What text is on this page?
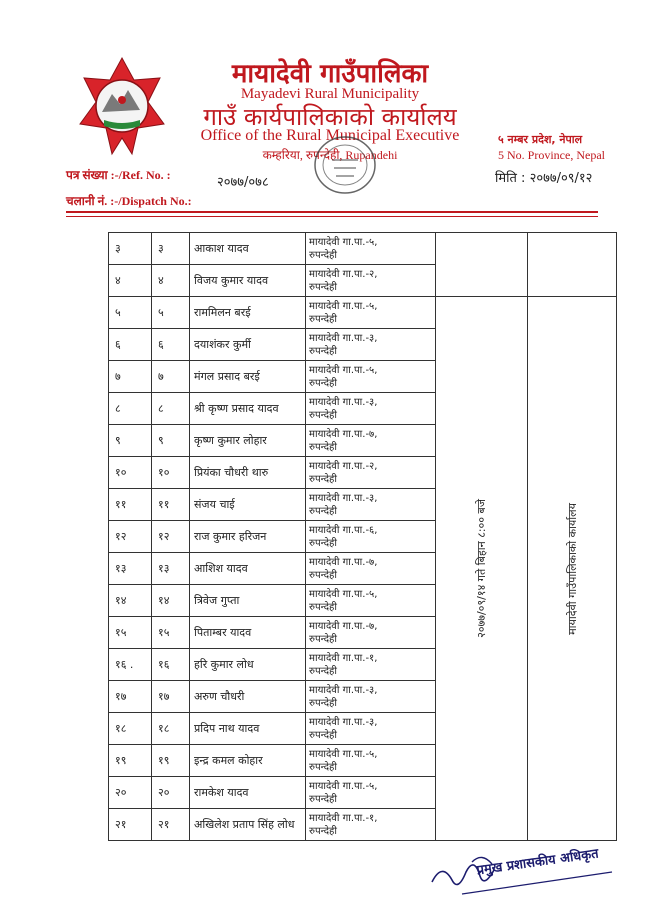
मायादेवी गाउँपालिका
Mayadevi Rural Municipality
गाउँ कार्यपालिकाको कार्यालय
Office of the Rural Municipal Executive
कम्हरिया, रुपन्देही, Rupandehi
५ नम्बर प्रदेश, नेपाल
5 No. Province, Nepal
पत्र संख्या :-/Ref. No. :	२०७७/०७८	मिति : २०७७/०९/१२
चलानी नं. :-/Dispatch No.:
३	३	आकाश यादव	मायादेवी गा.पा.-५,
रुपन्देही		

४	४	विजय कुमार यादव	मायादेवी गा.पा.-२,
रुपन्देही		

५	५	राममिलन बरई	मायादेवी गा.पा.-५,
रुपन्देही	२०७७/०९/१४ गते बिहान ८:०० बजे	मायादेवी गाउँपालिकाको कार्यालय

६	६	दयाशंकर कुर्मी	मायादेवी गा.पा.-३,
रुपन्देही		

७	७	मंगल प्रसाद बरई	मायादेवी गा.पा.-५,
रुपन्देही		

८	८	श्री कृष्ण प्रसाद यादव	मायादेवी गा.पा.-३,
रुपन्देही		

९	९	कृष्ण कुमार लोहार	मायादेवी गा.पा.-७,
रुपन्देही		

१०	१०	प्रियंका चौधरी थारु	मायादेवी गा.पा.-२,
रुपन्देही		

११	११	संजय चाई	मायादेवी गा.पा.-३,
रुपन्देही		

१२	१२	राज कुमार हरिजन	मायादेवी गा.पा.-६,
रुपन्देही		

१३	१३	आशिश यादव	मायादेवी गा.पा.-७,
रुपन्देही		

१४	१४	त्रिवेज गुप्ता	मायादेवी गा.पा.-५,
रुपन्देही		

१५	१५	पिताम्बर यादव	मायादेवी गा.पा.-७,
रुपन्देही		

१६ .	१६	हरि कुमार लोध	मायादेवी गा.पा.-१,
रुपन्देही		

१७	१७	अरुण चौधरी	मायादेवी गा.पा.-३,
रुपन्देही		

१८	१८	प्रदिप नाथ यादव	मायादेवी गा.पा.-३,
रुपन्देही		

१९	१९	इन्द्र कमल कोहार	मायादेवी गा.पा.-५,
रुपन्देही		

२०	२०	रामकेश यादव	मायादेवी गा.पा.-५,
रुपन्देही		

२१	२१	अखिलेश प्रताप सिंह लोध	मायादेवी गा.पा.-१,
रुपन्देही		
प्रमुख प्रशासकीय अधिकृत
